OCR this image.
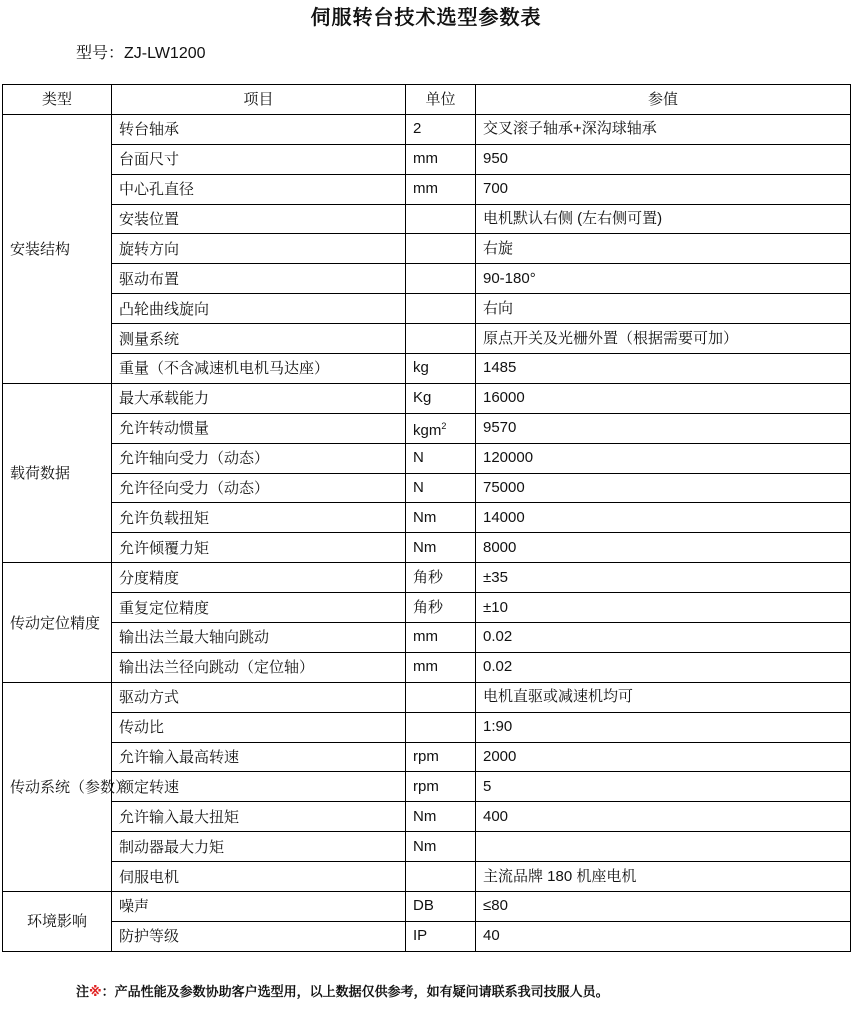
伺服转台技术选型参数表
型号：ZJ-LW1200
类型	项目	单位	参值
安装结构	转台轴承	2	交叉滚子轴承+深沟球轴承
	台面尺寸	mm	950
	中心孔直径	mm	700
	安装位置		电机默认右侧 (左右侧可置)
	旋转方向		右旋
	驱动布置		90-180°
	凸轮曲线旋向		右向
	测量系统		原点开关及光栅外置（根据需要可加）
	重量（不含减速机电机马达座）	kg	1485
载荷数据	最大承载能力	Kg	16000
	允许转动惯量	kgm$^2$	9570
	允许轴向受力（动态）	N	120000
	允许径向受力（动态）	N	75000
	允许负载扭矩	Nm	14000
	允许倾覆力矩	Nm	8000
传动定位精度	分度精度	角秒	±35
	重复定位精度	角秒	±10
	输出法兰最大轴向跳动	mm	0.02
	输出法兰径向跳动（定位轴）	mm	0.02
传动系统（参数）	驱动方式		电机直驱或减速机均可
	传动比		1:90
	允许输入最高转速	rpm	2000
	额定转速	rpm	5
	允许输入最大扭矩	Nm	400
	制动器最大力矩	Nm	
	伺服电机		主流品牌 180 机座电机
环境影响	噪声	DB	≤80
	防护等级	IP	40
注※：产品性能及参数协助客户选型用，以上数据仅供参考，如有疑问请联系我司技服人员。
